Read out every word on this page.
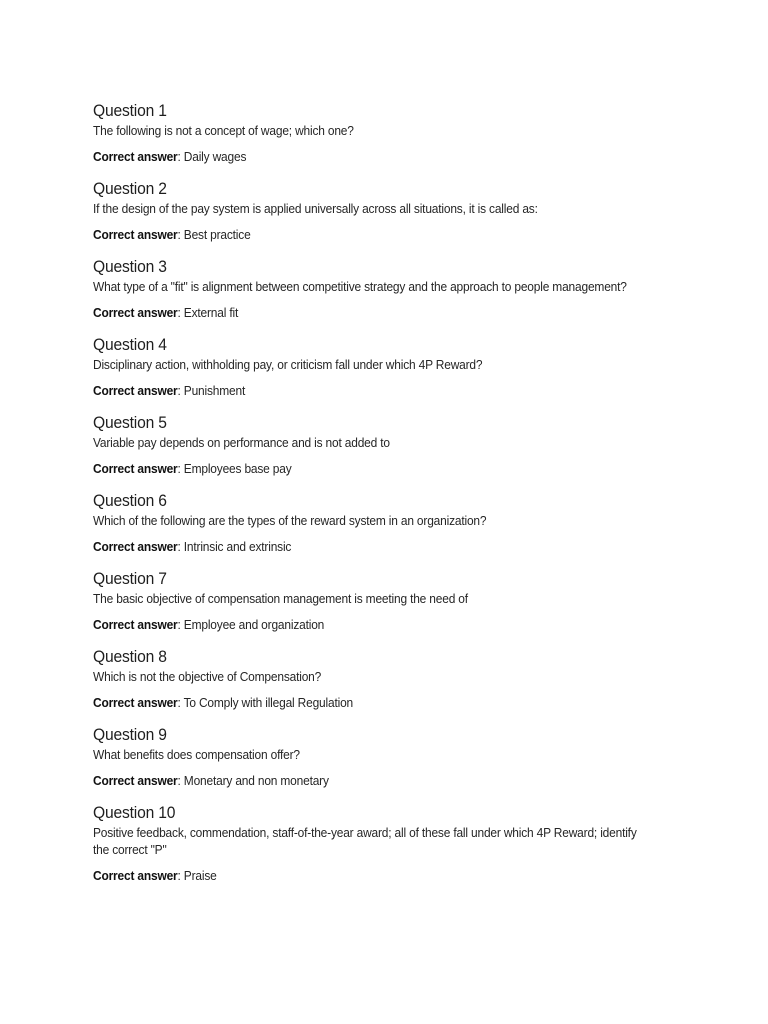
Question 1
The following is not a concept of wage; which one?
Correct answer: Daily wages
Question 2
If the design of the pay system is applied universally across all situations, it is called as:
Correct answer: Best practice
Question 3
What type of a "fit" is alignment between competitive strategy and the approach to people management?
Correct answer: External fit
Question 4
Disciplinary action, withholding pay, or criticism fall under which 4P Reward?
Correct answer: Punishment
Question 5
Variable pay depends on performance and is not added to
Correct answer: Employees base pay
Question 6
Which of the following are the types of the reward system in an organization?
Correct answer: Intrinsic and extrinsic
Question 7
The basic objective of compensation management is meeting the need of
Correct answer: Employee and organization
Question 8
Which is not the objective of Compensation?
Correct answer: To Comply with illegal Regulation
Question 9
What benefits does compensation offer?
Correct answer: Monetary and non monetary
Question 10
Positive feedback, commendation, staff-of-the-year award; all of these fall under which 4P Reward; identify the correct "P"
Correct answer: Praise
